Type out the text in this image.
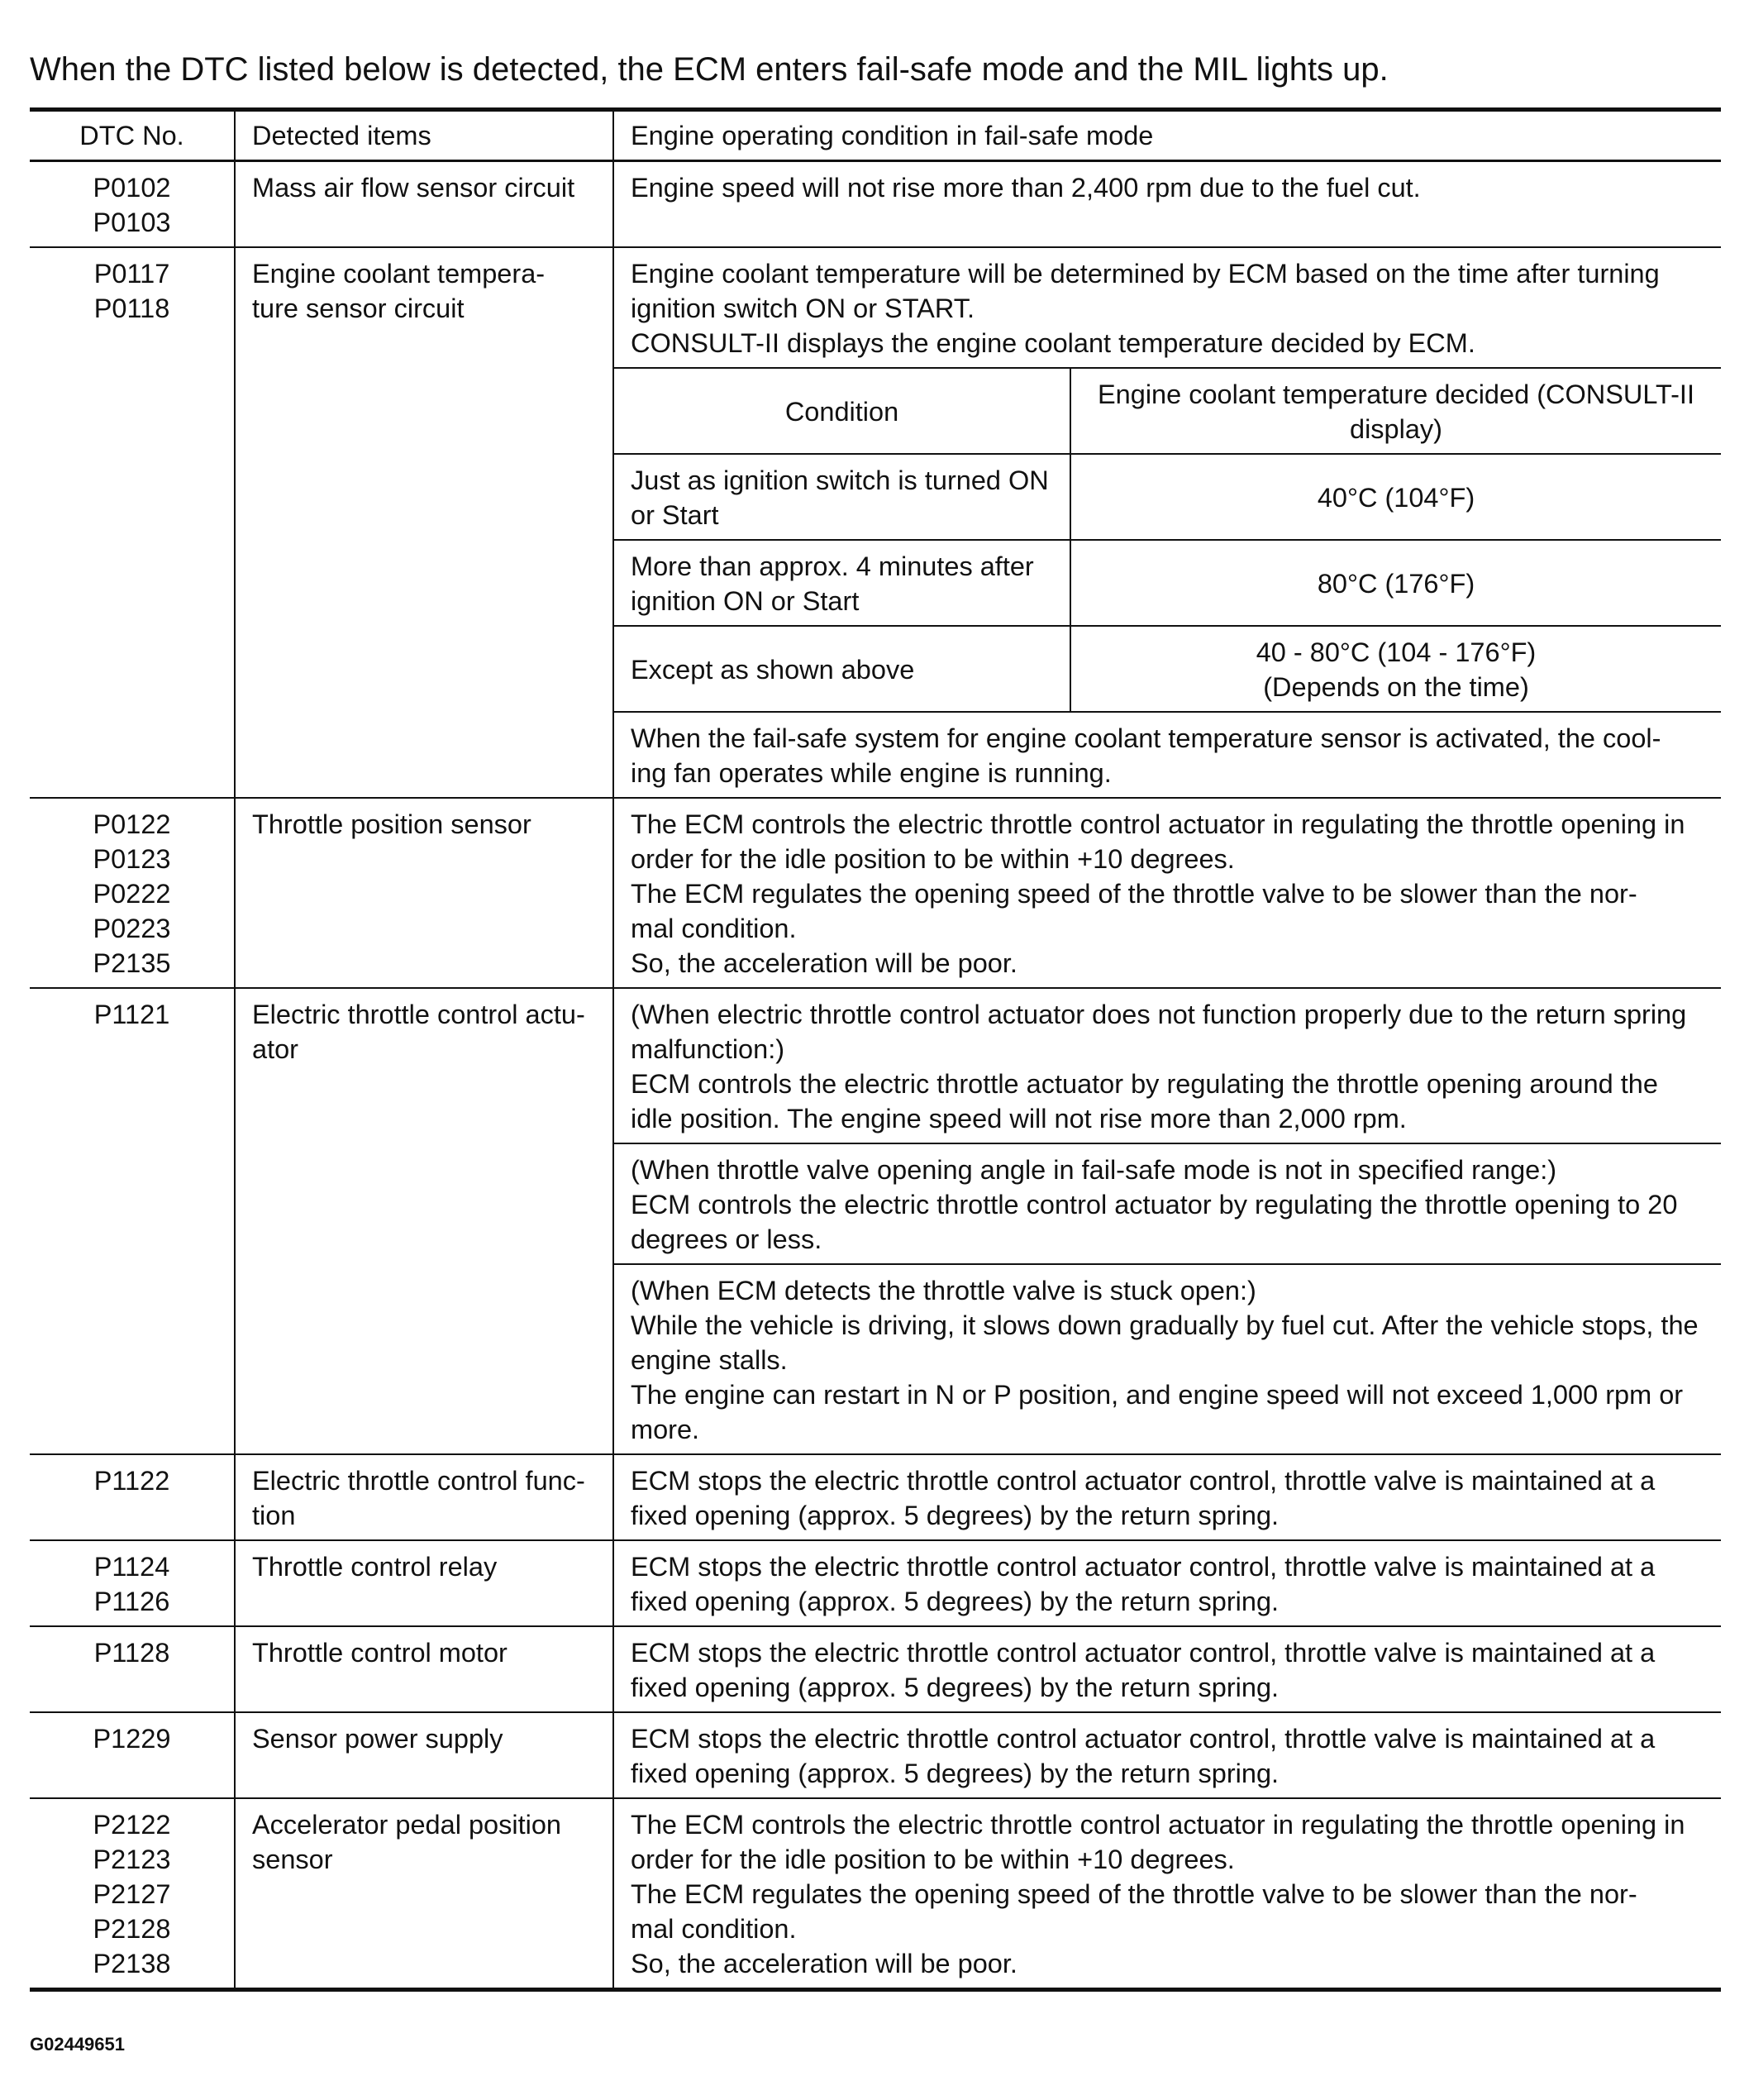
When the DTC listed below is detected, the ECM enters fail-safe mode and the MIL lights up.
DTC No.	Detected items	Engine operating condition in fail-safe mode
P0102
P0103	Mass air flow sensor circuit	Engine speed will not rise more than 2,400 rpm due to the fuel cut.
P0117
P0118	Engine coolant tempera-
ture sensor circuit	
Engine coolant temperature will be determined by ECM based on the time after turning ignition switch ON or START.
CONSULT-II displays the engine coolant temperature decided by ECM.
Condition	Engine coolant temperature decided (CONSULT-II display)
Just as ignition switch is turned ON or Start	40°C (104°F)
More than approx. 4 minutes after ignition ON or Start	80°C (176°F)
Except as shown above	40 - 80°C (104 - 176°F)
(Depends on the time)
When the fail-safe system for engine coolant temperature sensor is activated, the cool-
ing fan operates while engine is running.

P0122
P0123
P0222
P0223
P2135	Throttle position sensor	The ECM controls the electric throttle control actuator in regulating the throttle opening in order for the idle position to be within +10 degrees.
The ECM regulates the opening speed of the throttle valve to be slower than the nor-
mal condition.
So, the acceleration will be poor.
P1121	Electric throttle control actu-
ator	
(When electric throttle control actuator does not function properly due to the return spring malfunction:)
ECM controls the electric throttle actuator by regulating the throttle opening around the idle position. The engine speed will not rise more than 2,000 rpm.
(When throttle valve opening angle in fail-safe mode is not in specified range:)
ECM controls the electric throttle control actuator by regulating the throttle opening to 20 degrees or less.
(When ECM detects the throttle valve is stuck open:)
While the vehicle is driving, it slows down gradually by fuel cut. After the vehicle stops, the engine stalls.
The engine can restart in N or P position, and engine speed will not exceed 1,000 rpm or more.

P1122	Electric throttle control func-
tion	ECM stops the electric throttle control actuator control, throttle valve is maintained at a fixed opening (approx. 5 degrees) by the return spring.
P1124
P1126	Throttle control relay	ECM stops the electric throttle control actuator control, throttle valve is maintained at a fixed opening (approx. 5 degrees) by the return spring.
P1128	Throttle control motor	ECM stops the electric throttle control actuator control, throttle valve is maintained at a fixed opening (approx. 5 degrees) by the return spring.
P1229	Sensor power supply	ECM stops the electric throttle control actuator control, throttle valve is maintained at a fixed opening (approx. 5 degrees) by the return spring.
P2122
P2123
P2127
P2128
P2138	Accelerator pedal position sensor	The ECM controls the electric throttle control actuator in regulating the throttle opening in order for the idle position to be within +10 degrees.
The ECM regulates the opening speed of the throttle valve to be slower than the nor-
mal condition.
So, the acceleration will be poor.
G02449651
